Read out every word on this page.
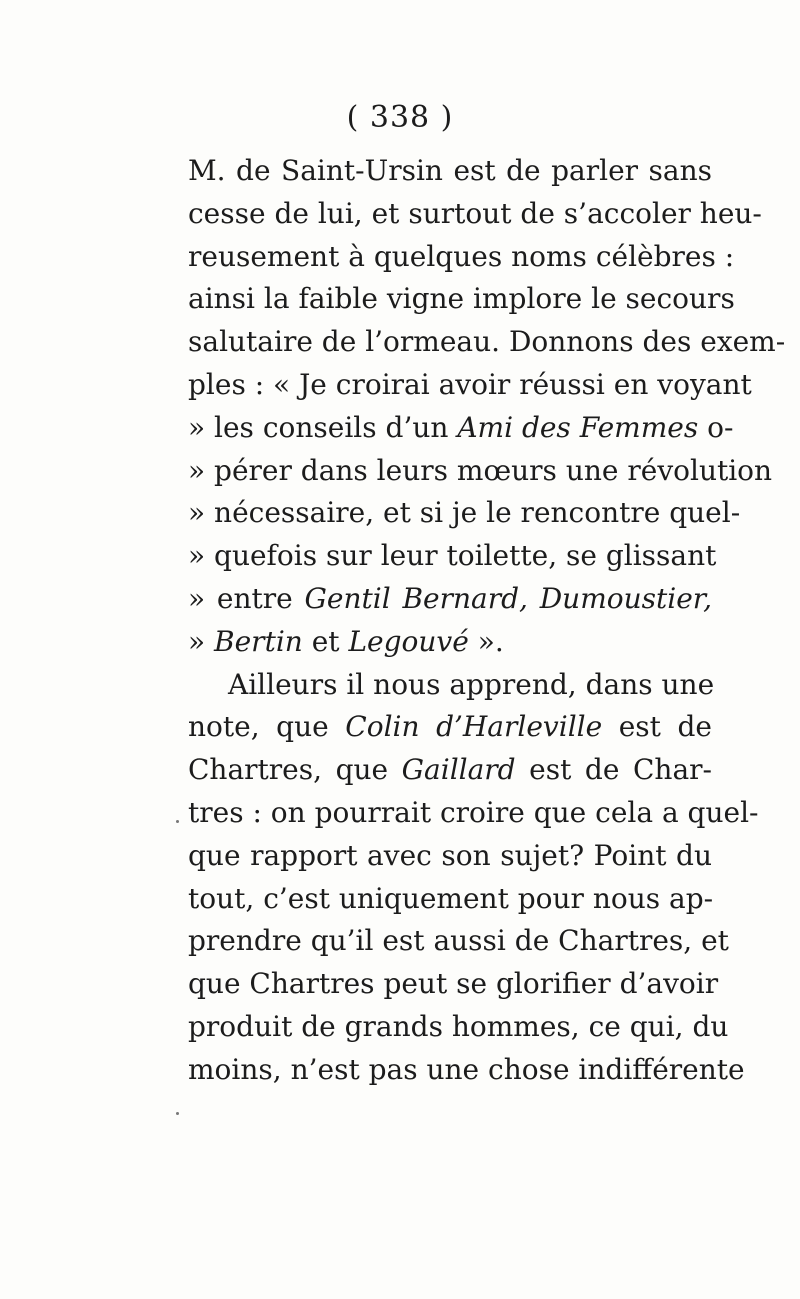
( 338 )
M. de Saint-Ursin est de parler sans
cesse de lui, et surtout de s’accoler heu-
reusement à quelques noms célèbres :
ainsi la faible vigne implore le secours
salutaire de l’ormeau. Donnons des exem-
ples : « Je croirai avoir réussi en voyant
» les conseils d’un Ami des Femmes o-
» pérer dans leurs mœurs une révolution
» nécessaire, et si je le rencontre quel-
» quefois sur leur toilette, se glissant
» entre Gentil Bernard, Dumoustier,
» Bertin et Legouvé ».
Ailleurs il nous apprend, dans une
note, que Colin d’Harleville est de
Chartres, que Gaillard est de Char-
tres : on pourrait croire que cela a quel-
que rapport avec son sujet? Point du
tout, c’est uniquement pour nous ap-
prendre qu’il est aussi de Chartres, et
que Chartres peut se glorifier d’avoir
produit de grands hommes, ce qui, du
moins, n’est pas une chose indifférente
